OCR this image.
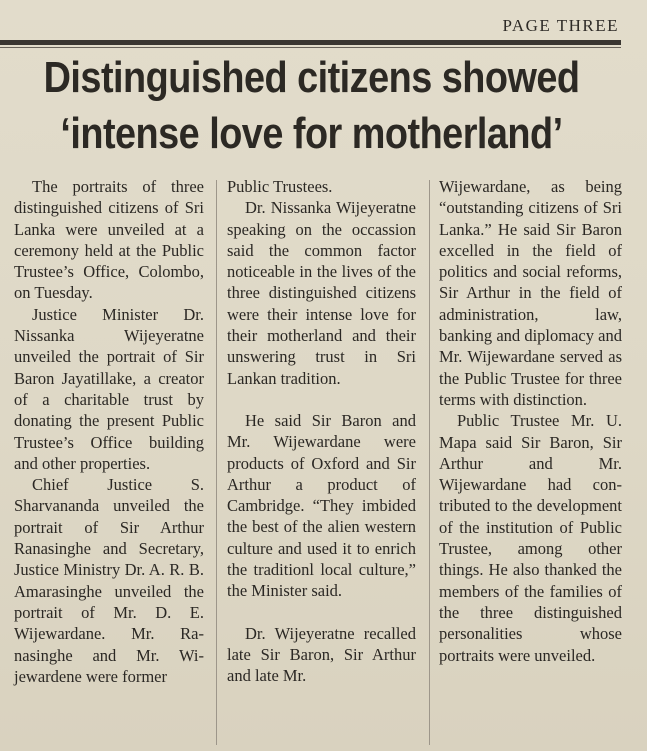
PAGE THREE
Distinguished citizens showed
‘intense love for motherland’

The portraits of three distinguished citizens of Sri Lanka were unveiled at a ceremony held at the Public Trustee’s Office, Colombo, on Tuesday.

Justice Minister Dr. Nissanka Wijeyeratne unveiled the portrait of Sir Baron Jayatillake, a creator of a charitable trust by donating the present Public Trustee’s Office building and other properties.

Chief Justice S. Sharvananda unveiled the portrait of Sir Arthur Ranasinghe and Secretary, Justice Ministry Dr. A. R. B. Amarasinghe unveiled the portrait of Mr. D. E. Wijewardane. Mr. Ranasinghe and Mr. Wijewardene were former

Public Trustees.

Dr. Nissanka Wijeyeratne speaking on the occassion said the common factor noticeable in the lives of the three distinguished citizens were their intense love for their motherland and their unswering trust in Sri Lankan tradition.

He said Sir Baron and Mr. Wijewardane were products of Oxford and Sir Arthur a product of Cambridge. “They imbided the best of the alien western culture and used it to enrich the traditionl local culture,” the Minister said.

Dr. Wijeyeratne recalled late Sir Baron, Sir Arthur and late Mr.

Wijewardane, as being “outstanding citizens of Sri Lanka.” He said Sir Baron excelled in the field of politics and social reforms, Sir Arthur in the field of administration, law, banking and diplomacy and Mr. Wijewardane served as the Public Trustee for three terms with distinction.

Public Trustee Mr. U. Mapa said Sir Baron, Sir Arthur and Mr. Wijewardane had contributed to the development of the institution of Public Trustee, among other things. He also thanked the members of the families of the three distinguished personalities whose portraits were unveiled.
